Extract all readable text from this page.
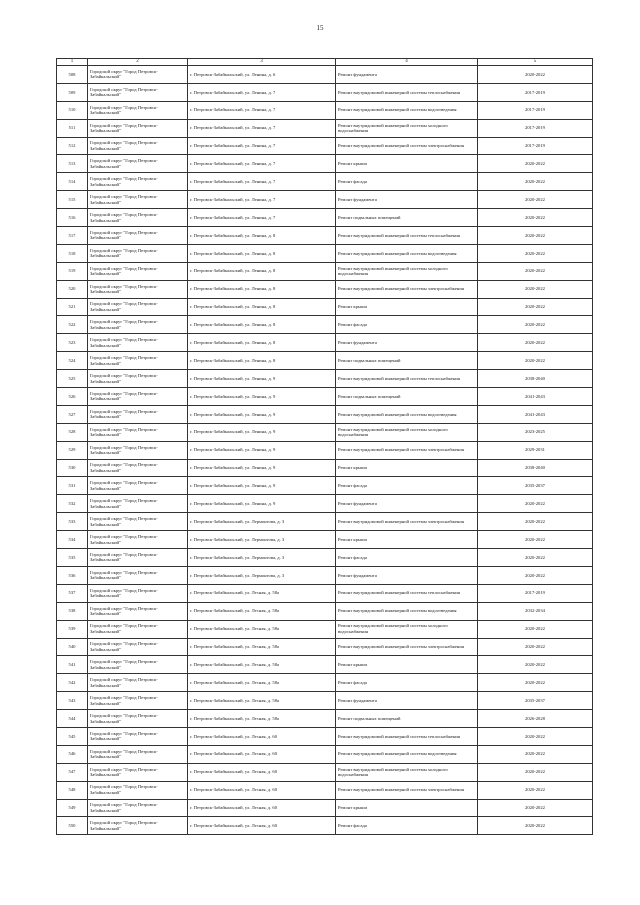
15
1	2	3	4	5
508	Городской округ "Город Петровск-Забайкальский"	г. Петровск-Забайкальский, ул. Ленина, д. 6	Ремонт фундамента	2020-2022
509	Городской округ "Город Петровск-Забайкальский"	г. Петровск-Забайкальский, ул. Ленина, д. 7	Ремонт внутридомовой инженерной системы теплоснабжения	2017-2019
510	Городской округ "Город Петровск-Забайкальский"	г. Петровск-Забайкальский, ул. Ленина, д. 7	Ремонт внутридомовой инженерной системы водоотведения	2017-2019
511	Городской округ "Город Петровск-Забайкальский"	г. Петровск-Забайкальский, ул. Ленина, д. 7	Ремонт внутридомовой инженерной системы холодного водоснабжения	2017-2019
512	Городской округ "Город Петровск-Забайкальский"	г. Петровск-Забайкальский, ул. Ленина, д. 7	Ремонт внутридомовой инженерной системы электроснабжения	2017-2019
513	Городской округ "Город Петровск-Забайкальский"	г. Петровск-Забайкальский, ул. Ленина, д. 7	Ремонт крыши	2020-2022
514	Городской округ "Город Петровск-Забайкальский"	г. Петровск-Забайкальский, ул. Ленина, д. 7	Ремонт фасада	2020-2022
515	Городской округ "Город Петровск-Забайкальский"	г. Петровск-Забайкальский, ул. Ленина, д. 7	Ремонт фундамента	2020-2022
516	Городской округ "Город Петровск-Забайкальский"	г. Петровск-Забайкальский, ул. Ленина, д. 7	Ремонт подвальных помещений	2020-2022
517	Городской округ "Город Петровск-Забайкальский"	г. Петровск-Забайкальский, ул. Ленина, д. 8	Ремонт внутридомовой инженерной системы теплоснабжения	2020-2022
518	Городской округ "Город Петровск-Забайкальский"	г. Петровск-Забайкальский, ул. Ленина, д. 8	Ремонт внутридомовой инженерной системы водоотведения	2020-2022
519	Городской округ "Город Петровск-Забайкальский"	г. Петровск-Забайкальский, ул. Ленина, д. 8	Ремонт внутридомовой инженерной системы холодного водоснабжения	2020-2022
520	Городской округ "Город Петровск-Забайкальский"	г. Петровск-Забайкальский, ул. Ленина, д. 8	Ремонт внутридомовой инженерной системы электроснабжения	2020-2022
521	Городской округ "Город Петровск-Забайкальский"	г. Петровск-Забайкальский, ул. Ленина, д. 8	Ремонт крыши	2020-2022
522	Городской округ "Город Петровск-Забайкальский"	г. Петровск-Забайкальский, ул. Ленина, д. 8	Ремонт фасада	2020-2022
523	Городской округ "Город Петровск-Забайкальский"	г. Петровск-Забайкальский, ул. Ленина, д. 8	Ремонт фундамента	2020-2022
524	Городской округ "Город Петровск-Забайкальский"	г. Петровск-Забайкальский, ул. Ленина, д. 8	Ремонт подвальных помещений	2020-2022
525	Городской округ "Город Петровск-Забайкальский"	г. Петровск-Забайкальский, ул. Ленина, д. 9	Ремонт внутридомовой инженерной системы теплоснабжения	2038-2040
526	Городской округ "Город Петровск-Забайкальский"	г. Петровск-Забайкальский, ул. Ленина, д. 9	Ремонт подвальных помещений	2041-2043
527	Городской округ "Город Петровск-Забайкальский"	г. Петровск-Забайкальский, ул. Ленина, д. 9	Ремонт внутридомовой инженерной системы водоотведения	2041-2043
528	Городской округ "Город Петровск-Забайкальский"	г. Петровск-Забайкальский, ул. Ленина, д. 9	Ремонт внутридомовой инженерной системы холодного водоснабжения	2023-2025
529	Городской округ "Город Петровск-Забайкальский"	г. Петровск-Забайкальский, ул. Ленина, д. 9	Ремонт внутридомовой инженерной системы электроснабжения	2029-2031
530	Городской округ "Город Петровск-Забайкальский"	г. Петровск-Забайкальский, ул. Ленина, д. 9	Ремонт крыши	2038-2040
531	Городской округ "Город Петровск-Забайкальский"	г. Петровск-Забайкальский, ул. Ленина, д. 9	Ремонт фасада	2035-2037
532	Городской округ "Город Петровск-Забайкальский"	г. Петровск-Забайкальский, ул. Ленина, д. 9	Ремонт фундамента	2020-2022
533	Городской округ "Город Петровск-Забайкальский"	г. Петровск-Забайкальский, ул. Лермонтова, д. 3	Ремонт внутридомовой инженерной системы электроснабжения	2020-2022
534	Городской округ "Город Петровск-Забайкальский"	г. Петровск-Забайкальский, ул. Лермонтова, д. 3	Ремонт крыши	2020-2022
535	Городской округ "Город Петровск-Забайкальский"	г. Петровск-Забайкальский, ул. Лермонтова, д. 3	Ремонт фасада	2020-2022
536	Городской округ "Город Петровск-Забайкальский"	г. Петровск-Забайкальский, ул. Лермонтова, д. 3	Ремонт фундамента	2020-2022
537	Городской округ "Город Петровск-Забайкальский"	г. Петровск-Забайкальский, ул. Лесная, д. 58а	Ремонт внутридомовой инженерной системы теплоснабжения	2017-2019
538	Городской округ "Город Петровск-Забайкальский"	г. Петровск-Забайкальский, ул. Лесная, д. 58а	Ремонт внутридомовой инженерной системы водоотведения	2032-2034
539	Городской округ "Город Петровск-Забайкальский"	г. Петровск-Забайкальский, ул. Лесная, д. 58а	Ремонт внутридомовой инженерной системы холодного водоснабжения	2020-2022
540	Городской округ "Город Петровск-Забайкальский"	г. Петровск-Забайкальский, ул. Лесная, д. 58а	Ремонт внутридомовой инженерной системы электроснабжения	2020-2022
541	Городской округ "Город Петровск-Забайкальский"	г. Петровск-Забайкальский, ул. Лесная, д. 58а	Ремонт крыши	2020-2022
542	Городской округ "Город Петровск-Забайкальский"	г. Петровск-Забайкальский, ул. Лесная, д. 58а	Ремонт фасада	2020-2022
543	Городской округ "Город Петровск-Забайкальский"	г. Петровск-Забайкальский, ул. Лесная, д. 58а	Ремонт фундамента	2035-2037
544	Городской округ "Город Петровск-Забайкальский"	г. Петровск-Забайкальский, ул. Лесная, д. 58а	Ремонт подвальных помещений	2026-2028
545	Городской округ "Город Петровск-Забайкальский"	г. Петровск-Забайкальский, ул. Лесная, д. 60	Ремонт внутридомовой инженерной системы теплоснабжения	2020-2022
546	Городской округ "Город Петровск-Забайкальский"	г. Петровск-Забайкальский, ул. Лесная, д. 60	Ремонт внутридомовой инженерной системы водоотведения	2020-2022
547	Городской округ "Город Петровск-Забайкальский"	г. Петровск-Забайкальский, ул. Лесная, д. 60	Ремонт внутридомовой инженерной системы холодного водоснабжения	2020-2022
548	Городской округ "Город Петровск-Забайкальский"	г. Петровск-Забайкальский, ул. Лесная, д. 60	Ремонт внутридомовой инженерной системы электроснабжения	2020-2022
549	Городской округ "Город Петровск-Забайкальский"	г. Петровск-Забайкальский, ул. Лесная, д. 60	Ремонт крыши	2020-2022
550	Городской округ "Город Петровск-Забайкальский"	г. Петровск-Забайкальский, ул. Лесная, д. 60	Ремонт фасада	2020-2022
